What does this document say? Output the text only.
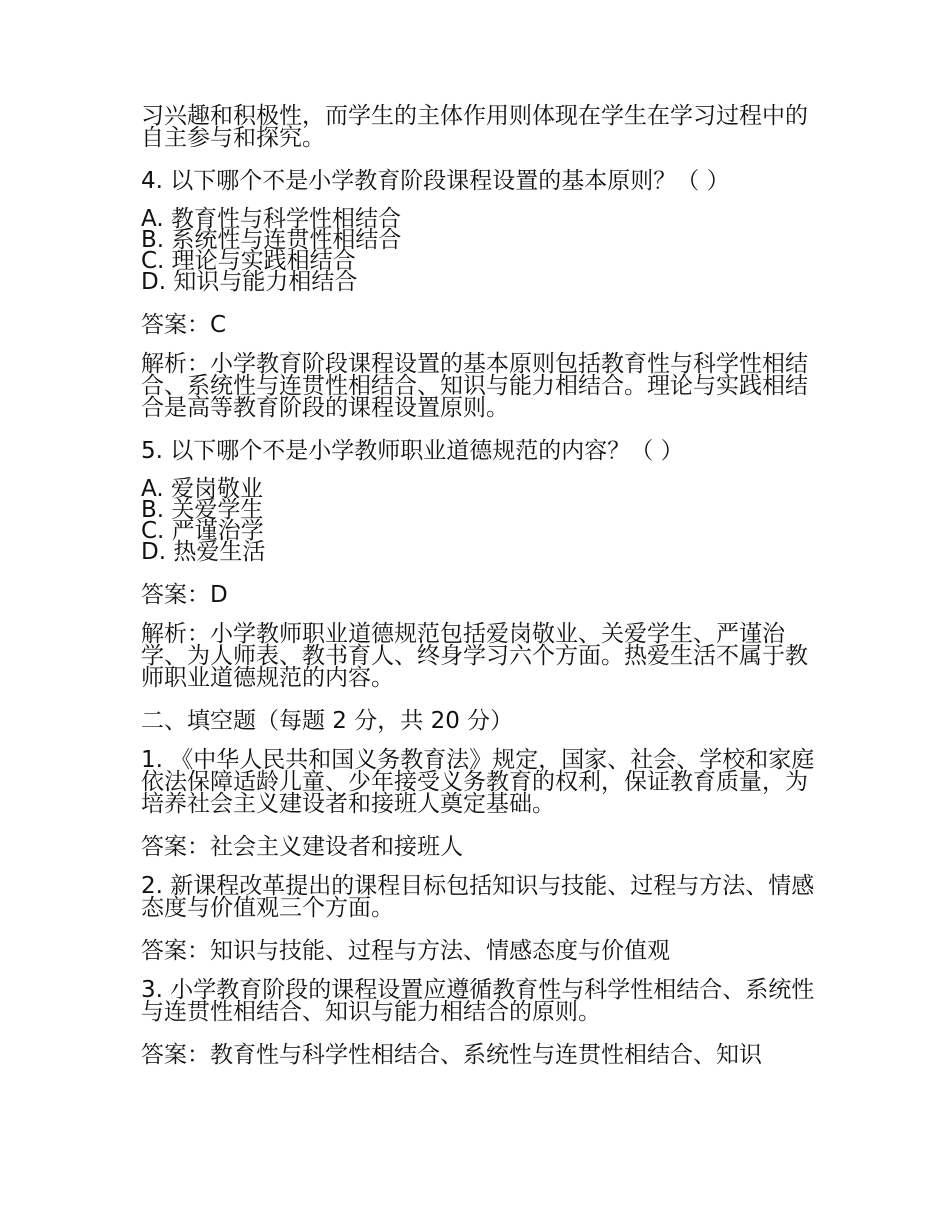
习兴趣和积极性，而学生的主体作用则体现在学生在学习过程中的自主参与和探究。
4. 以下哪个不是小学教育阶段课程设置的基本原则？（ ）
A. 教育性与科学性相结合
B. 系统性与连贯性相结合
C. 理论与实践相结合
D. 知识与能力相结合
答案：C
解析：小学教育阶段课程设置的基本原则包括教育性与科学性相结合、系统性与连贯性相结合、知识与能力相结合。理论与实践相结合是高等教育阶段的课程设置原则。
5. 以下哪个不是小学教师职业道德规范的内容？（ ）
A. 爱岗敬业
B. 关爱学生
C. 严谨治学
D. 热爱生活
答案：D
解析：小学教师职业道德规范包括爱岗敬业、关爱学生、严谨治学、为人师表、教书育人、终身学习六个方面。热爱生活不属于教师职业道德规范的内容。
二、填空题（每题 2 分，共 20 分）
1. 《中华人民共和国义务教育法》规定，国家、社会、学校和家庭依法保障适龄儿童、少年接受义务教育的权利，保证教育质量，为培养社会主义建设者和接班人奠定基础。
答案：社会主义建设者和接班人
2. 新课程改革提出的课程目标包括知识与技能、过程与方法、情感态度与价值观三个方面。
答案：知识与技能、过程与方法、情感态度与价值观
3. 小学教育阶段的课程设置应遵循教育性与科学性相结合、系统性与连贯性相结合、知识与能力相结合的原则。
答案：教育性与科学性相结合、系统性与连贯性相结合、知识
